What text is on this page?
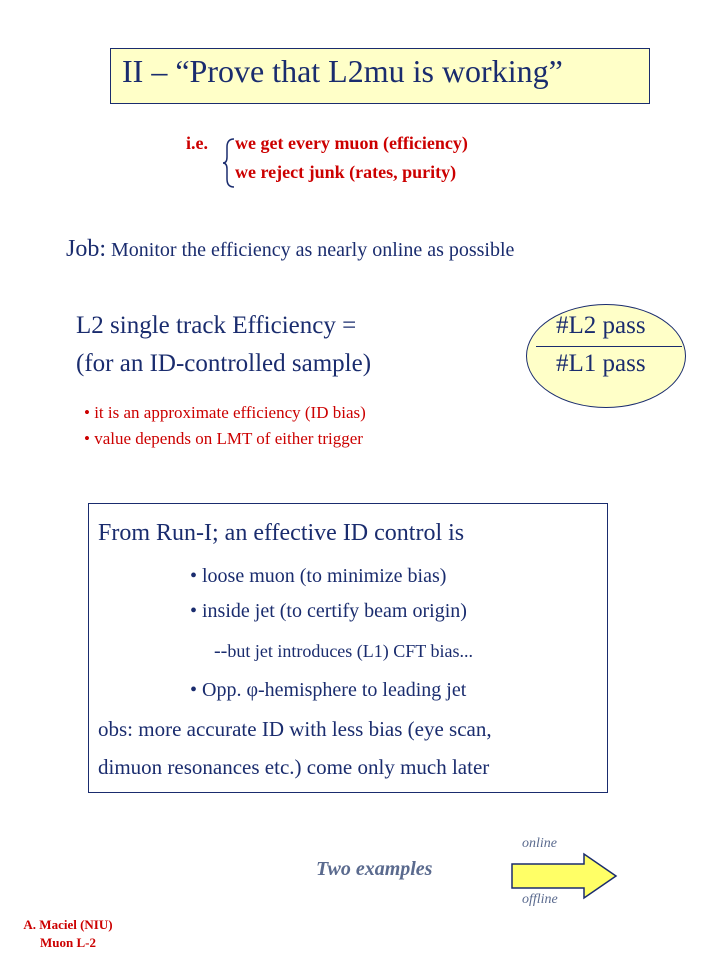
II – “Prove that L2mu is working”
i.e. we get every muon (efficiency)
we reject junk (rates, purity)
Job: Monitor the efficiency as nearly online as possible
L2 single track Efficiency =
(for an ID-controlled sample)
#L2 pass
#L1 pass
• it is an approximate efficiency (ID bias)
• value depends on LMT of either trigger
From Run-I; an effective ID control is
• loose muon (to minimize bias)
• inside jet (to certify beam origin)
--but jet introduces (L1) CFT bias...
• Opp. φ-hemisphere to leading jet
obs: more accurate ID with less bias (eye scan,
dimuon resonances etc.) come only much later
online
Two examples
offline
A. Maciel (NIU)
Muon L-2
